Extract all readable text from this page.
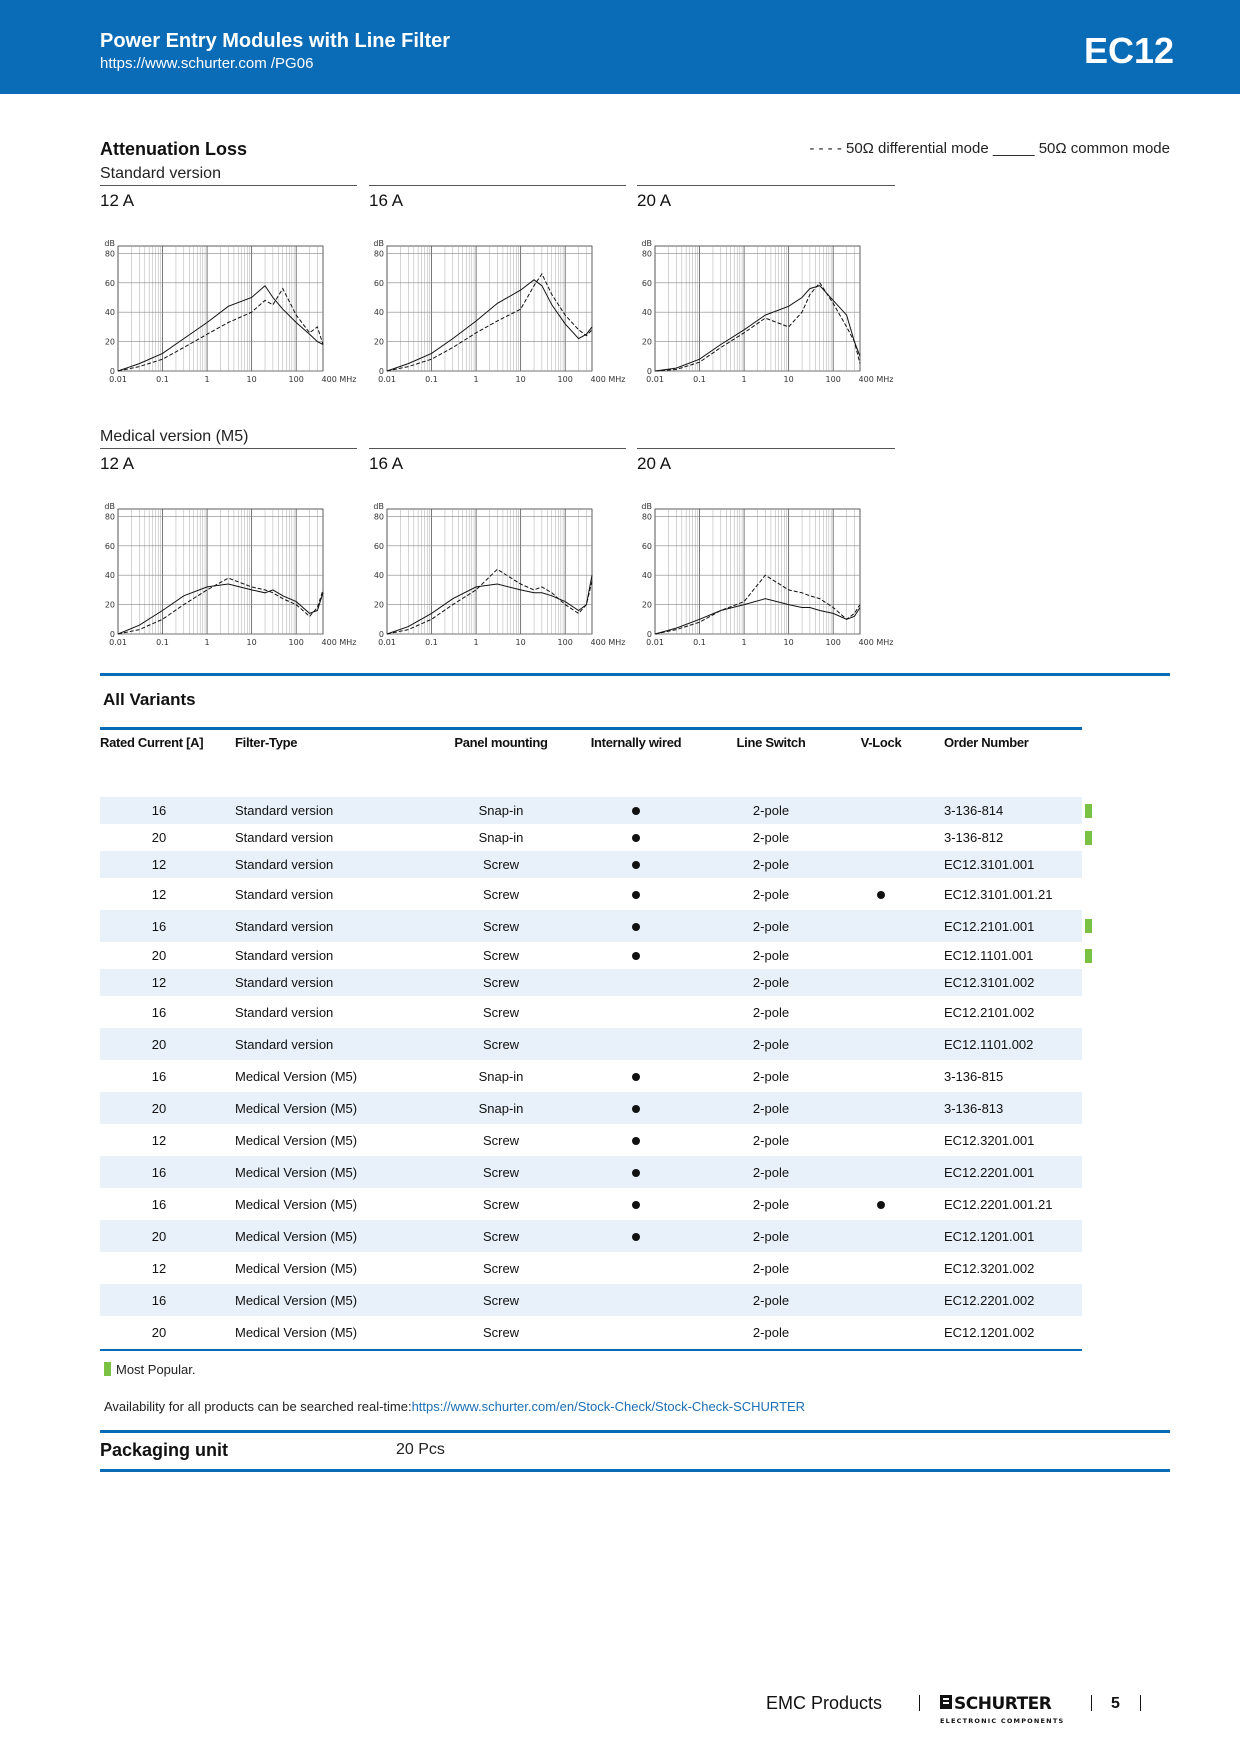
Power Entry Modules with Line Filter
https://www.schurter.com /PG06	EC12
Attenuation Loss	- - - - 50Ω differential mode _____ 50Ω common mode
Standard version
12 A	16 A	20 A
0
20
40
60
80
dB
0.01	0.1	1	10	100 400 MHz
0
20
40
60
80
dB
0.01	0.1	1	10	100 400 MHz
0
20
40
60
80
dB
0.01	0.1	1	10	100 400 MHz
Medical version (M5)
12 A	16 A	20 A
0
20
40
60
80
dB
0.01	0.1	1	10	100 400 MHz
0
20
40
60
80
dB
0.01	0.1	1	10	100 400 MHz
0
20
40
60
80
dB
0.01	0.1	1	10	100 400 MHz
All Variants
Rated Current [A]	Filter-Type	Panel mounting	Internally wired	Line Switch	V-Lock	Order Number

16	Standard version	Snap-in		2-pole		3-136-814
20	Standard version	Snap-in		2-pole		3-136-812
12	Standard version	Screw		2-pole		EC12.3101.001
12	Standard version	Screw		2-pole		EC12.3101.001.21
16	Standard version	Screw		2-pole		EC12.2101.001
20	Standard version	Screw		2-pole		EC12.1101.001
12	Standard version	Screw		2-pole		EC12.3101.002
16	Standard version	Screw		2-pole		EC12.2101.002
20	Standard version	Screw		2-pole		EC12.1101.002
16	Medical Version (M5)	Snap-in		2-pole		3-136-815
20	Medical Version (M5)	Snap-in		2-pole		3-136-813
12	Medical Version (M5)	Screw		2-pole		EC12.3201.001
16	Medical Version (M5)	Screw		2-pole		EC12.2201.001
16	Medical Version (M5)	Screw		2-pole		EC12.2201.001.21
20	Medical Version (M5)	Screw		2-pole		EC12.1201.001
12	Medical Version (M5)	Screw		2-pole		EC12.3201.002
16	Medical Version (M5)	Screw		2-pole		EC12.2201.002
20	Medical Version (M5)	Screw		2-pole		EC12.1201.002
Most Popular.
Availability for all products can be searched real-time:https://www.schurter.com/en/Stock-Check/Stock-Check-SCHURTER
Packaging unit	20 Pcs
EMC Products	SCHURTER
ELECTRONIC COMPONENTS
5
